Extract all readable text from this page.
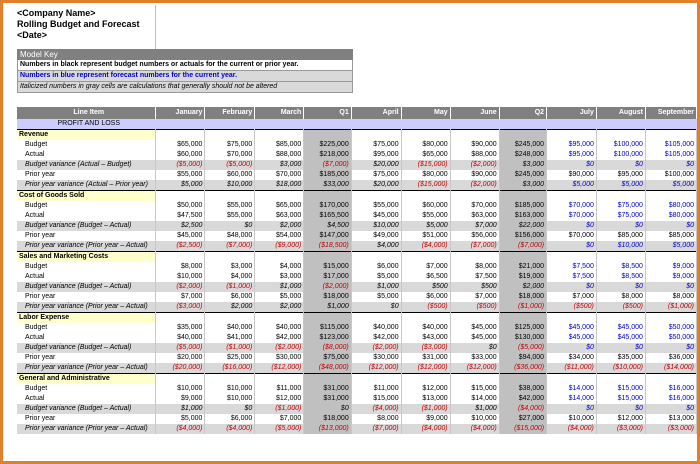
<Company Name>
Rolling Budget and Forecast
<Date>
Model Key
Numbers in black represent budget numbers or actuals for the current or prior year.
Numbers in blue represent forecast numbers for the current year.
Italicized numbers in gray cells are calculations that generally should not be altered
Line Item	January	February	March	Q1	April	May	June	Q2	July	August	September
PROFIT AND LOSS											
Revenue											
Budget	$65,000	$75,000	$85,000	$225,000	$75,000	$80,000	$90,000	$245,000	$95,000	$100,000	$105,000
Actual	$60,000	$70,000	$88,000	$218,000	$95,000	$65,000	$88,000	$248,000	$95,000	$100,000	$105,000
Budget variance (Actual – Budget)	($5,000)	($5,000)	$3,000	($7,000)	$20,000	($15,000)	($2,000)	$3,000	$0	$0	$0
Prior year	$55,000	$60,000	$70,000	$185,000	$75,000	$80,000	$90,000	$245,000	$90,000	$95,000	$100,000
Prior year variance (Actual – Prior year)	$5,000	$10,000	$18,000	$33,000	$20,000	($15,000)	($2,000)	$3,000	$5,000	$5,000	$5,000
Cost of Goods Sold											
Budget	$50,000	$55,000	$65,000	$170,000	$55,000	$60,000	$70,000	$185,000	$70,000	$75,000	$80,000
Actual	$47,500	$55,000	$63,000	$165,500	$45,000	$55,000	$63,000	$163,000	$70,000	$75,000	$80,000
Budget variance (Budget – Actual)	$2,500	$0	$2,000	$4,500	$10,000	$5,000	$7,000	$22,000	$0	$0	$0
Prior year	$45,000	$48,000	$54,000	$147,000	$49,000	$51,000	$56,000	$156,000	$70,000	$85,000	$85,000
Prior year variance (Prior year – Actual)	($2,500)	($7,000)	($9,000)	($18,500)	$4,000	($4,000)	($7,000)	($7,000)	$0	$10,000	$5,000
Sales and Marketing Costs											
Budget	$8,000	$3,000	$4,000	$15,000	$6,000	$7,000	$8,000	$21,000	$7,500	$8,500	$9,000
Actual	$10,000	$4,000	$3,000	$17,000	$5,000	$6,500	$7,500	$19,000	$7,500	$8,500	$9,000
Budget variance (Budget – Actual)	($2,000)	($1,000)	$1,000	($2,000)	$1,000	$500	$500	$2,000	$0	$0	$0
Prior year	$7,000	$6,000	$5,000	$18,000	$5,000	$6,000	$7,000	$18,000	$7,000	$8,000	$8,000
Prior year variance (Prior year – Actual)	($3,000)	$2,000	$2,000	$1,000	$0	($500)	($500)	($1,000)	($500)	($500)	($1,000)
Labor Expense											
Budget	$35,000	$40,000	$40,000	$115,000	$40,000	$40,000	$45,000	$125,000	$45,000	$45,000	$50,000
Actual	$40,000	$41,000	$42,000	$123,000	$42,000	$43,000	$45,000	$130,000	$45,000	$45,000	$50,000
Budget variance (Budget – Actual)	($5,000)	($1,000)	($2,000)	($8,000)	($2,000)	($3,000)	$0	($5,000)	$0	$0	$0
Prior year	$20,000	$25,000	$30,000	$75,000	$30,000	$31,000	$33,000	$94,000	$34,000	$35,000	$36,000
Prior year variance (Prior year – Actual)	($20,000)	($16,000)	($12,000)	($48,000)	($12,000)	($12,000)	($12,000)	($36,000)	($11,000)	($10,000)	($14,000)
General and Administrative											
Budget	$10,000	$10,000	$11,000	$31,000	$11,000	$12,000	$15,000	$38,000	$14,000	$15,000	$16,000
Actual	$9,000	$10,000	$12,000	$31,000	$15,000	$13,000	$14,000	$42,000	$14,000	$15,000	$16,000
Budget variance (Budget – Actual)	$1,000	$0	($1,000)	$0	($4,000)	($1,000)	$1,000	($4,000)	$0	$0	$0
Prior year	$5,000	$6,000	$7,000	$18,000	$8,000	$9,000	$10,000	$27,000	$10,000	$12,000	$13,000
Prior year variance (Prior year – Actual)	($4,000)	($4,000)	($5,000)	($13,000)	($7,000)	($4,000)	($4,000)	($15,000)	($4,000)	($3,000)	($3,000)
